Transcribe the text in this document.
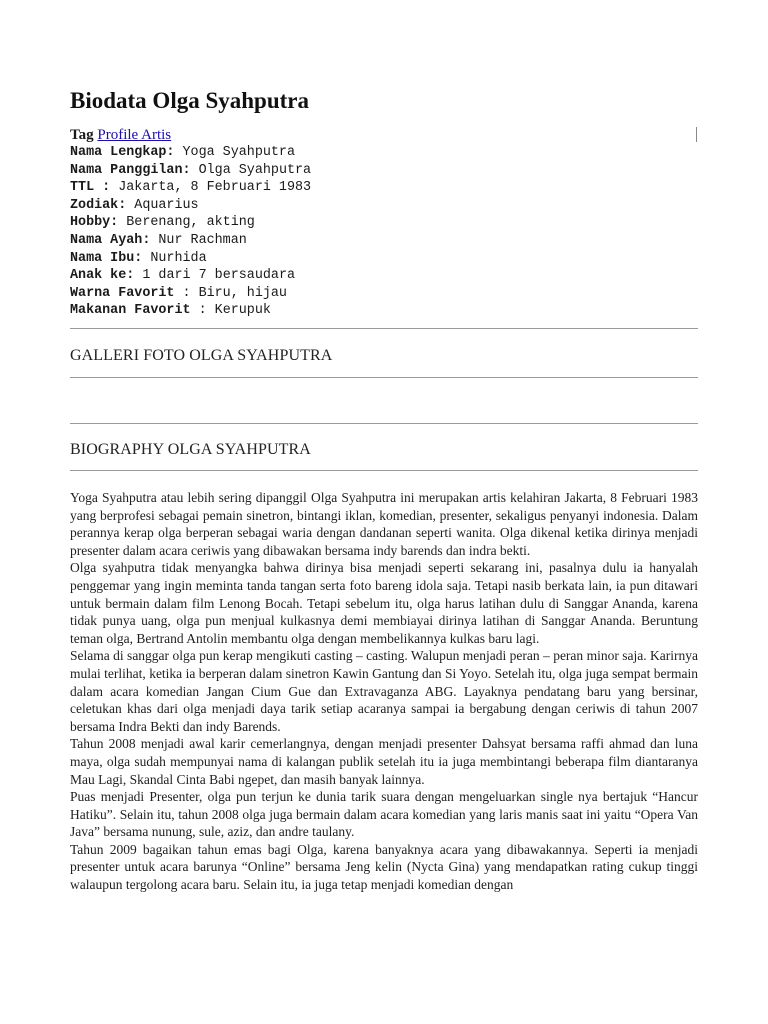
Biodata Olga Syahputra
Tag Profile Artis
Nama Lengkap: Yoga Syahputra
Nama Panggilan: Olga Syahputra
TTL : Jakarta, 8 Februari 1983
Zodiak: Aquarius
Hobby: Berenang, akting
Nama Ayah: Nur Rachman
Nama Ibu: Nurhida
Anak ke: 1 dari 7 bersaudara
Warna Favorit : Biru, hijau
Makanan Favorit : Kerupuk
GALLERI FOTO OLGA SYAHPUTRA
BIOGRAPHY OLGA SYAHPUTRA

Yoga Syahputra atau lebih sering dipanggil Olga Syahputra ini merupakan artis kelahiran Jakarta, 8 Februari 1983 yang berprofesi sebagai pemain sinetron, bintangi iklan, komedian, presenter, sekaligus penyanyi indonesia. Dalam perannya kerap olga berperan sebagai waria dengan dandanan seperti wanita. Olga dikenal ketika dirinya menjadi presenter dalam acara ceriwis yang dibawakan bersama indy barends dan indra bekti.

Olga syahputra tidak menyangka bahwa dirinya bisa menjadi seperti sekarang ini, pasalnya dulu ia hanyalah penggemar yang ingin meminta tanda tangan serta foto bareng idola saja. Tetapi nasib berkata lain, ia pun ditawari untuk bermain dalam film Lenong Bocah. Tetapi sebelum itu, olga harus latihan dulu di Sanggar Ananda, karena tidak punya uang, olga pun menjual kulkasnya demi membiayai dirinya latihan di Sanggar Ananda. Beruntung teman olga, Bertrand Antolin membantu olga dengan membelikannya kulkas baru lagi.

Selama di sanggar olga pun kerap mengikuti casting – casting. Walupun menjadi peran – peran minor saja. Karirnya mulai terlihat, ketika ia berperan dalam sinetron Kawin Gantung dan Si Yoyo. Setelah itu, olga juga sempat bermain dalam acara komedian Jangan Cium Gue dan Extravaganza ABG. Layaknya pendatang baru yang bersinar, celetukan khas dari olga menjadi daya tarik setiap acaranya sampai ia bergabung dengan ceriwis di tahun 2007 bersama Indra Bekti dan indy Barends.

Tahun 2008 menjadi awal karir cemerlangnya, dengan menjadi presenter Dahsyat bersama raffi ahmad dan luna maya, olga sudah mempunyai nama di kalangan publik setelah itu ia juga membintangi beberapa film diantaranya Mau Lagi, Skandal Cinta Babi ngepet, dan masih banyak lainnya.

Puas menjadi Presenter, olga pun terjun ke dunia tarik suara dengan mengeluarkan single nya bertajuk “Hancur Hatiku”. Selain itu, tahun 2008 olga juga bermain dalam acara komedian yang laris manis saat ini yaitu “Opera Van Java” bersama nunung, sule, aziz, dan andre taulany.

Tahun 2009 bagaikan tahun emas bagi Olga, karena banyaknya acara yang dibawakannya. Seperti ia menjadi presenter untuk acara barunya “Online” bersama Jeng kelin (Nycta Gina) yang mendapatkan rating cukup tinggi walaupun tergolong acara baru. Selain itu, ia juga tetap menjadi komedian dengan
